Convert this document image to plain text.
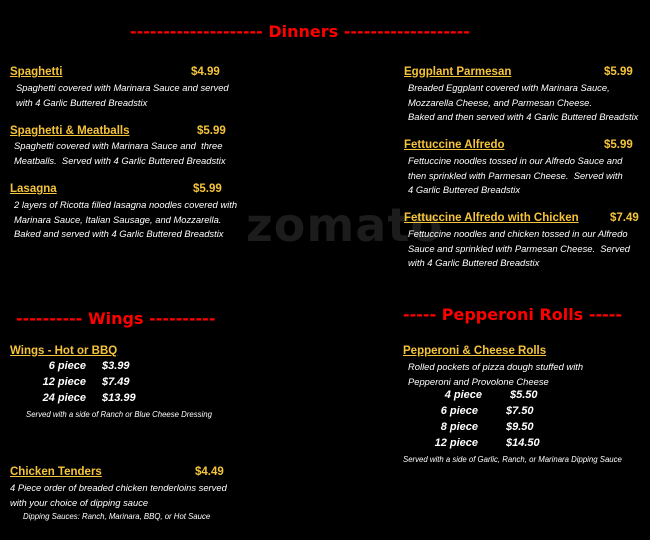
zomato
-------------------- Dinners -------------------
Spaghetti	$4.99
Spaghetti covered with Marinara Sauce and served
with 4 Garlic Buttered Breadstix
Spaghetti & Meatballs	$5.99
Spaghetti covered with Marinara Sauce and  three
Meatballs.  Served with 4 Garlic Buttered Breadstix
Lasagna	$5.99
2 layers of Ricotta filled lasagna noodles covered with
Marinara Sauce, Italian Sausage, and Mozzarella.
Baked and served with 4 Garlic Buttered Breadstix
Eggplant Parmesan	$5.99
Breaded Eggplant covered with Marinara Sauce,
Mozzarella Cheese, and Parmesan Cheese.
Baked and then served with 4 Garlic Buttered Breadstix
Fettuccine Alfredo	$5.99
Fettuccine noodles tossed in our Alfredo Sauce and
then sprinkled with Parmesan Cheese.  Served with
4 Garlic Buttered Breadstix
Fettuccine Alfredo with Chicken	$7.49
Fettuccine noodles and chicken tossed in our Alfredo
Sauce and sprinkled with Parmesan Cheese.  Served
with 4 Garlic Buttered Breadstix
---------- Wings ----------
Wings - Hot or BBQ
6 piece $3.99
12 piece $7.49
24 piece $13.99
Served with a side of Ranch or Blue Cheese Dressing
Chicken Tenders	$4.49
4 Piece order of breaded chicken tenderloins served
with your choice of dipping sauce
Dipping Sauces: Ranch, Marinara, BBQ, or Hot Sauce
----- Pepperoni Rolls -----
Pepperoni & Cheese Rolls
Rolled pockets of pizza dough stuffed with
Pepperoni and Provolone Cheese
4 piece	$5.50
6 piece	$7.50
8 piece	$9.50
12 piece	$14.50
Served with a side of Garlic, Ranch, or Marinara Dipping Sauce
